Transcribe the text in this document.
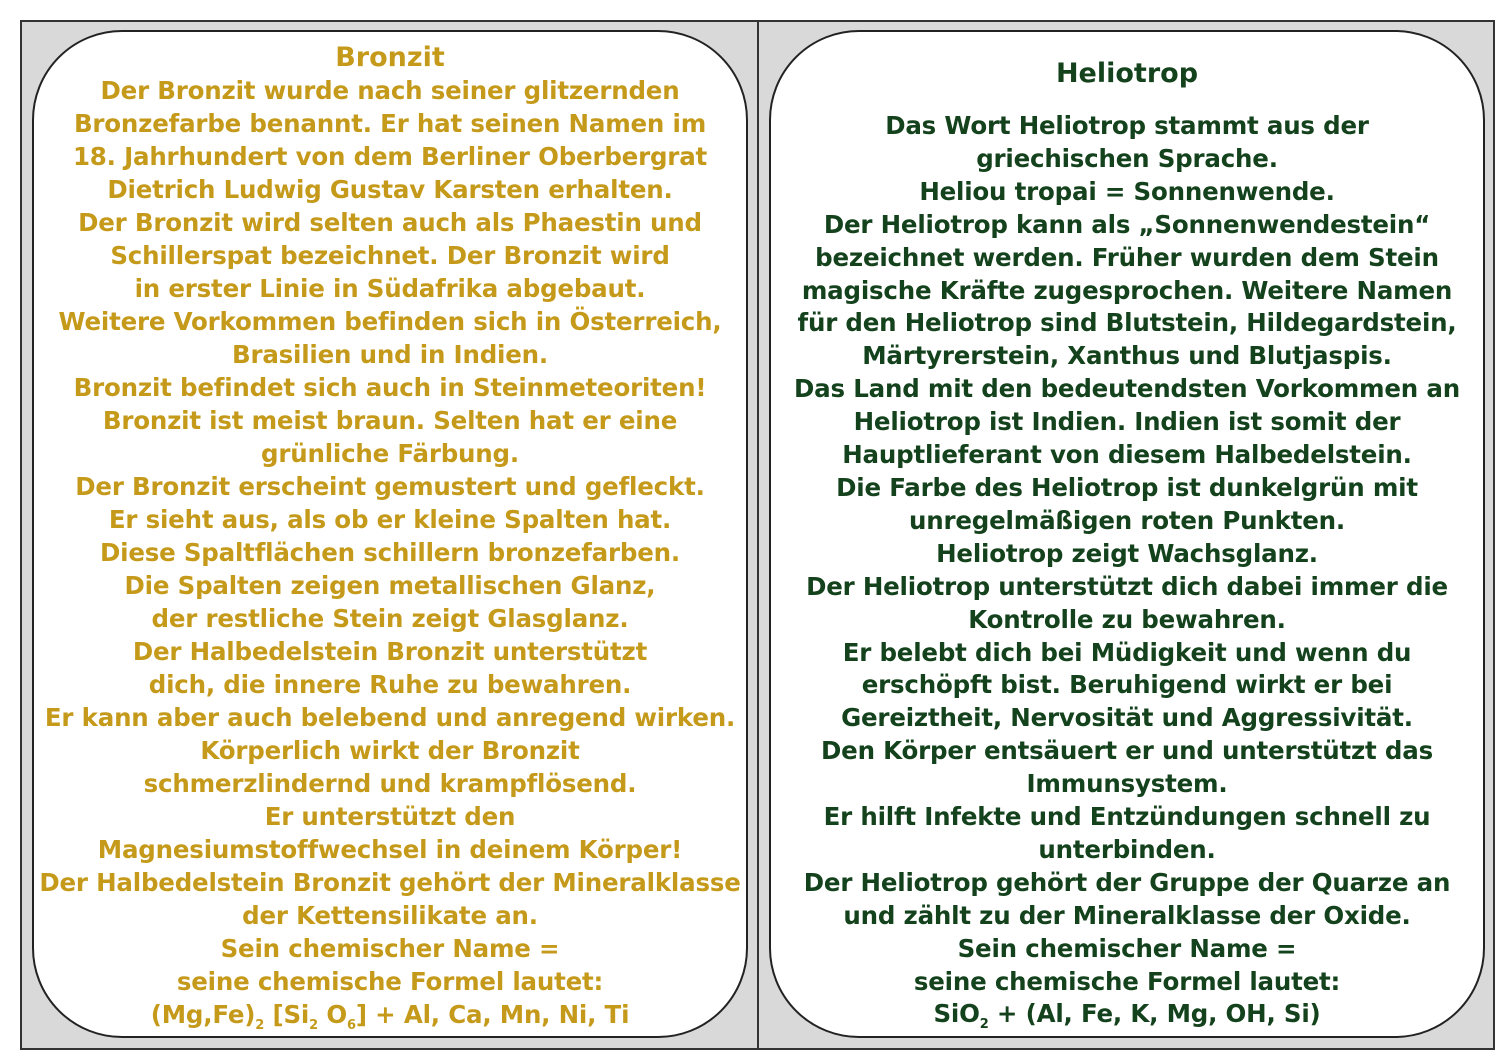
Bronzit
Der Bronzit wurde nach seiner glitzernden
Bronzefarbe benannt. Er hat seinen Namen im
18. Jahrhundert von dem Berliner Oberbergrat
Dietrich Ludwig Gustav Karsten erhalten.
Der Bronzit wird selten auch als Phaestin und
Schillerspat bezeichnet. Der Bronzit wird
in erster Linie in Südafrika abgebaut.
Weitere Vorkommen befinden sich in Österreich,
Brasilien und in Indien.
Bronzit befindet sich auch in Steinmeteoriten!
Bronzit ist meist braun. Selten hat er eine
grünliche Färbung.
Der Bronzit erscheint gemustert und gefleckt.
Er sieht aus, als ob er kleine Spalten hat.
Diese Spaltflächen schillern bronzefarben.
Die Spalten zeigen metallischen Glanz,
der restliche Stein zeigt Glasglanz.
Der Halbedelstein Bronzit unterstützt
dich, die innere Ruhe zu bewahren.
Er kann aber auch belebend und anregend wirken.
Körperlich wirkt der Bronzit
schmerzlindernd und krampflösend.
Er unterstützt den
Magnesiumstoffwechsel in deinem Körper!
Der Halbedelstein Bronzit gehört der Mineralklasse
der Kettensilikate an.
Sein chemischer Name =
seine chemische Formel lautet:
$(Mg,Fe)_2$ [$Si_2$ $O_6] + Al$, Ca, Mn, Ni, Ti
Heliotrop
Das Wort Heliotrop stammt aus der
griechischen Sprache.
Heliou tropai = Sonnenwende.
Der Heliotrop kann als „Sonnenwendestein“
bezeichnet werden. Früher wurden dem Stein
magische Kräfte zugesprochen. Weitere Namen
für den Heliotrop sind Blutstein, Hildegardstein,
Märtyrerstein, Xanthus und Blutjaspis.
Das Land mit den bedeutendsten Vorkommen an
Heliotrop ist Indien. Indien ist somit der
Hauptlieferant von diesem Halbedelstein.
Die Farbe des Heliotrop ist dunkelgrün mit
unregelmäßigen roten Punkten.
Heliotrop zeigt Wachsglanz.
Der Heliotrop unterstützt dich dabei immer die
Kontrolle zu bewahren.
Er belebt dich bei Müdigkeit und wenn du
erschöpft bist. Beruhigend wirkt er bei
Gereiztheit, Nervosität und Aggressivität.
Den Körper entsäuert er und unterstützt das
Immunsystem.
Er hilft Infekte und Entzündungen schnell zu
unterbinden.
Der Heliotrop gehört der Gruppe der Quarze an
und zählt zu der Mineralklasse der Oxide.
Sein chemischer Name =
seine chemische Formel lautet:
SiO$_2$ + (Al, Fe, K, Mg, OH, Si)
